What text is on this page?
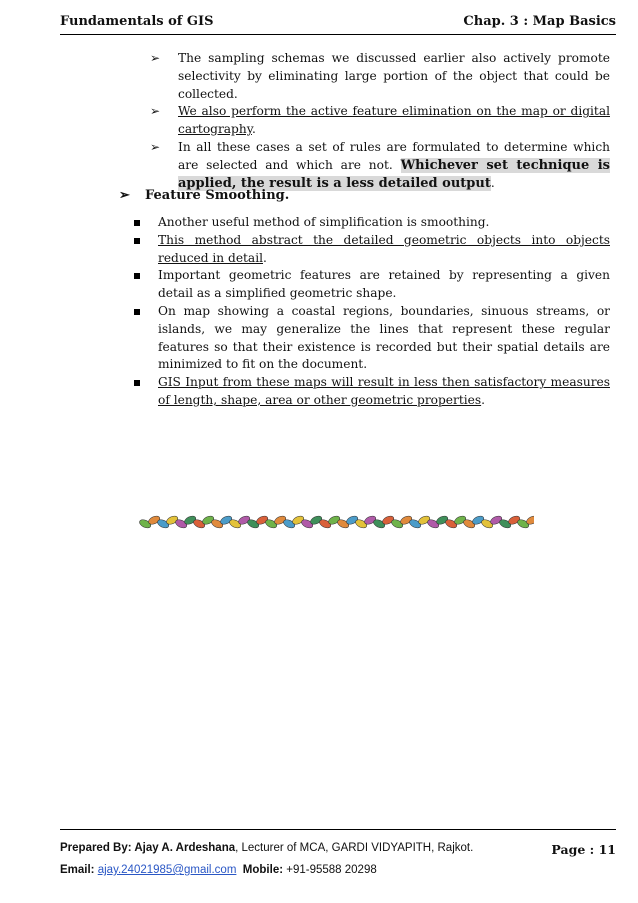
Fundamentals of GIS	Chap. 3 : Map Basics
➢ The sampling schemas we discussed earlier also actively promote selectivity by eliminating large portion of the object that could be collected.
➢ We also perform the active feature elimination on the map or digital cartography.
➢ In all these cases a set of rules are formulated to determine which are selected and which are not. Whichever set technique is applied, the result is a less detailed output.
➢ Feature Smoothing.
Another useful method of simplification is smoothing.
This method abstract the detailed geometric objects into objects reduced in detail.
Important geometric features are retained by representing a given detail as a simplified geometric shape.
On map showing a coastal regions, boundaries, sinuous streams, or islands, we may generalize the lines that represent these regular features so that their existence is recorded but their spatial details are minimized to fit on the document.
GIS Input from these maps will result in less then satisfactory measures of length, shape, area or other geometric properties.
Prepared By: Ajay A. Ardeshana, Lecturer of MCA, GARDI VIDYAPITH, Rajkot.	Page : 11
Email: ajay.24021985@gmail.com Mobile: +91-95588 20298
